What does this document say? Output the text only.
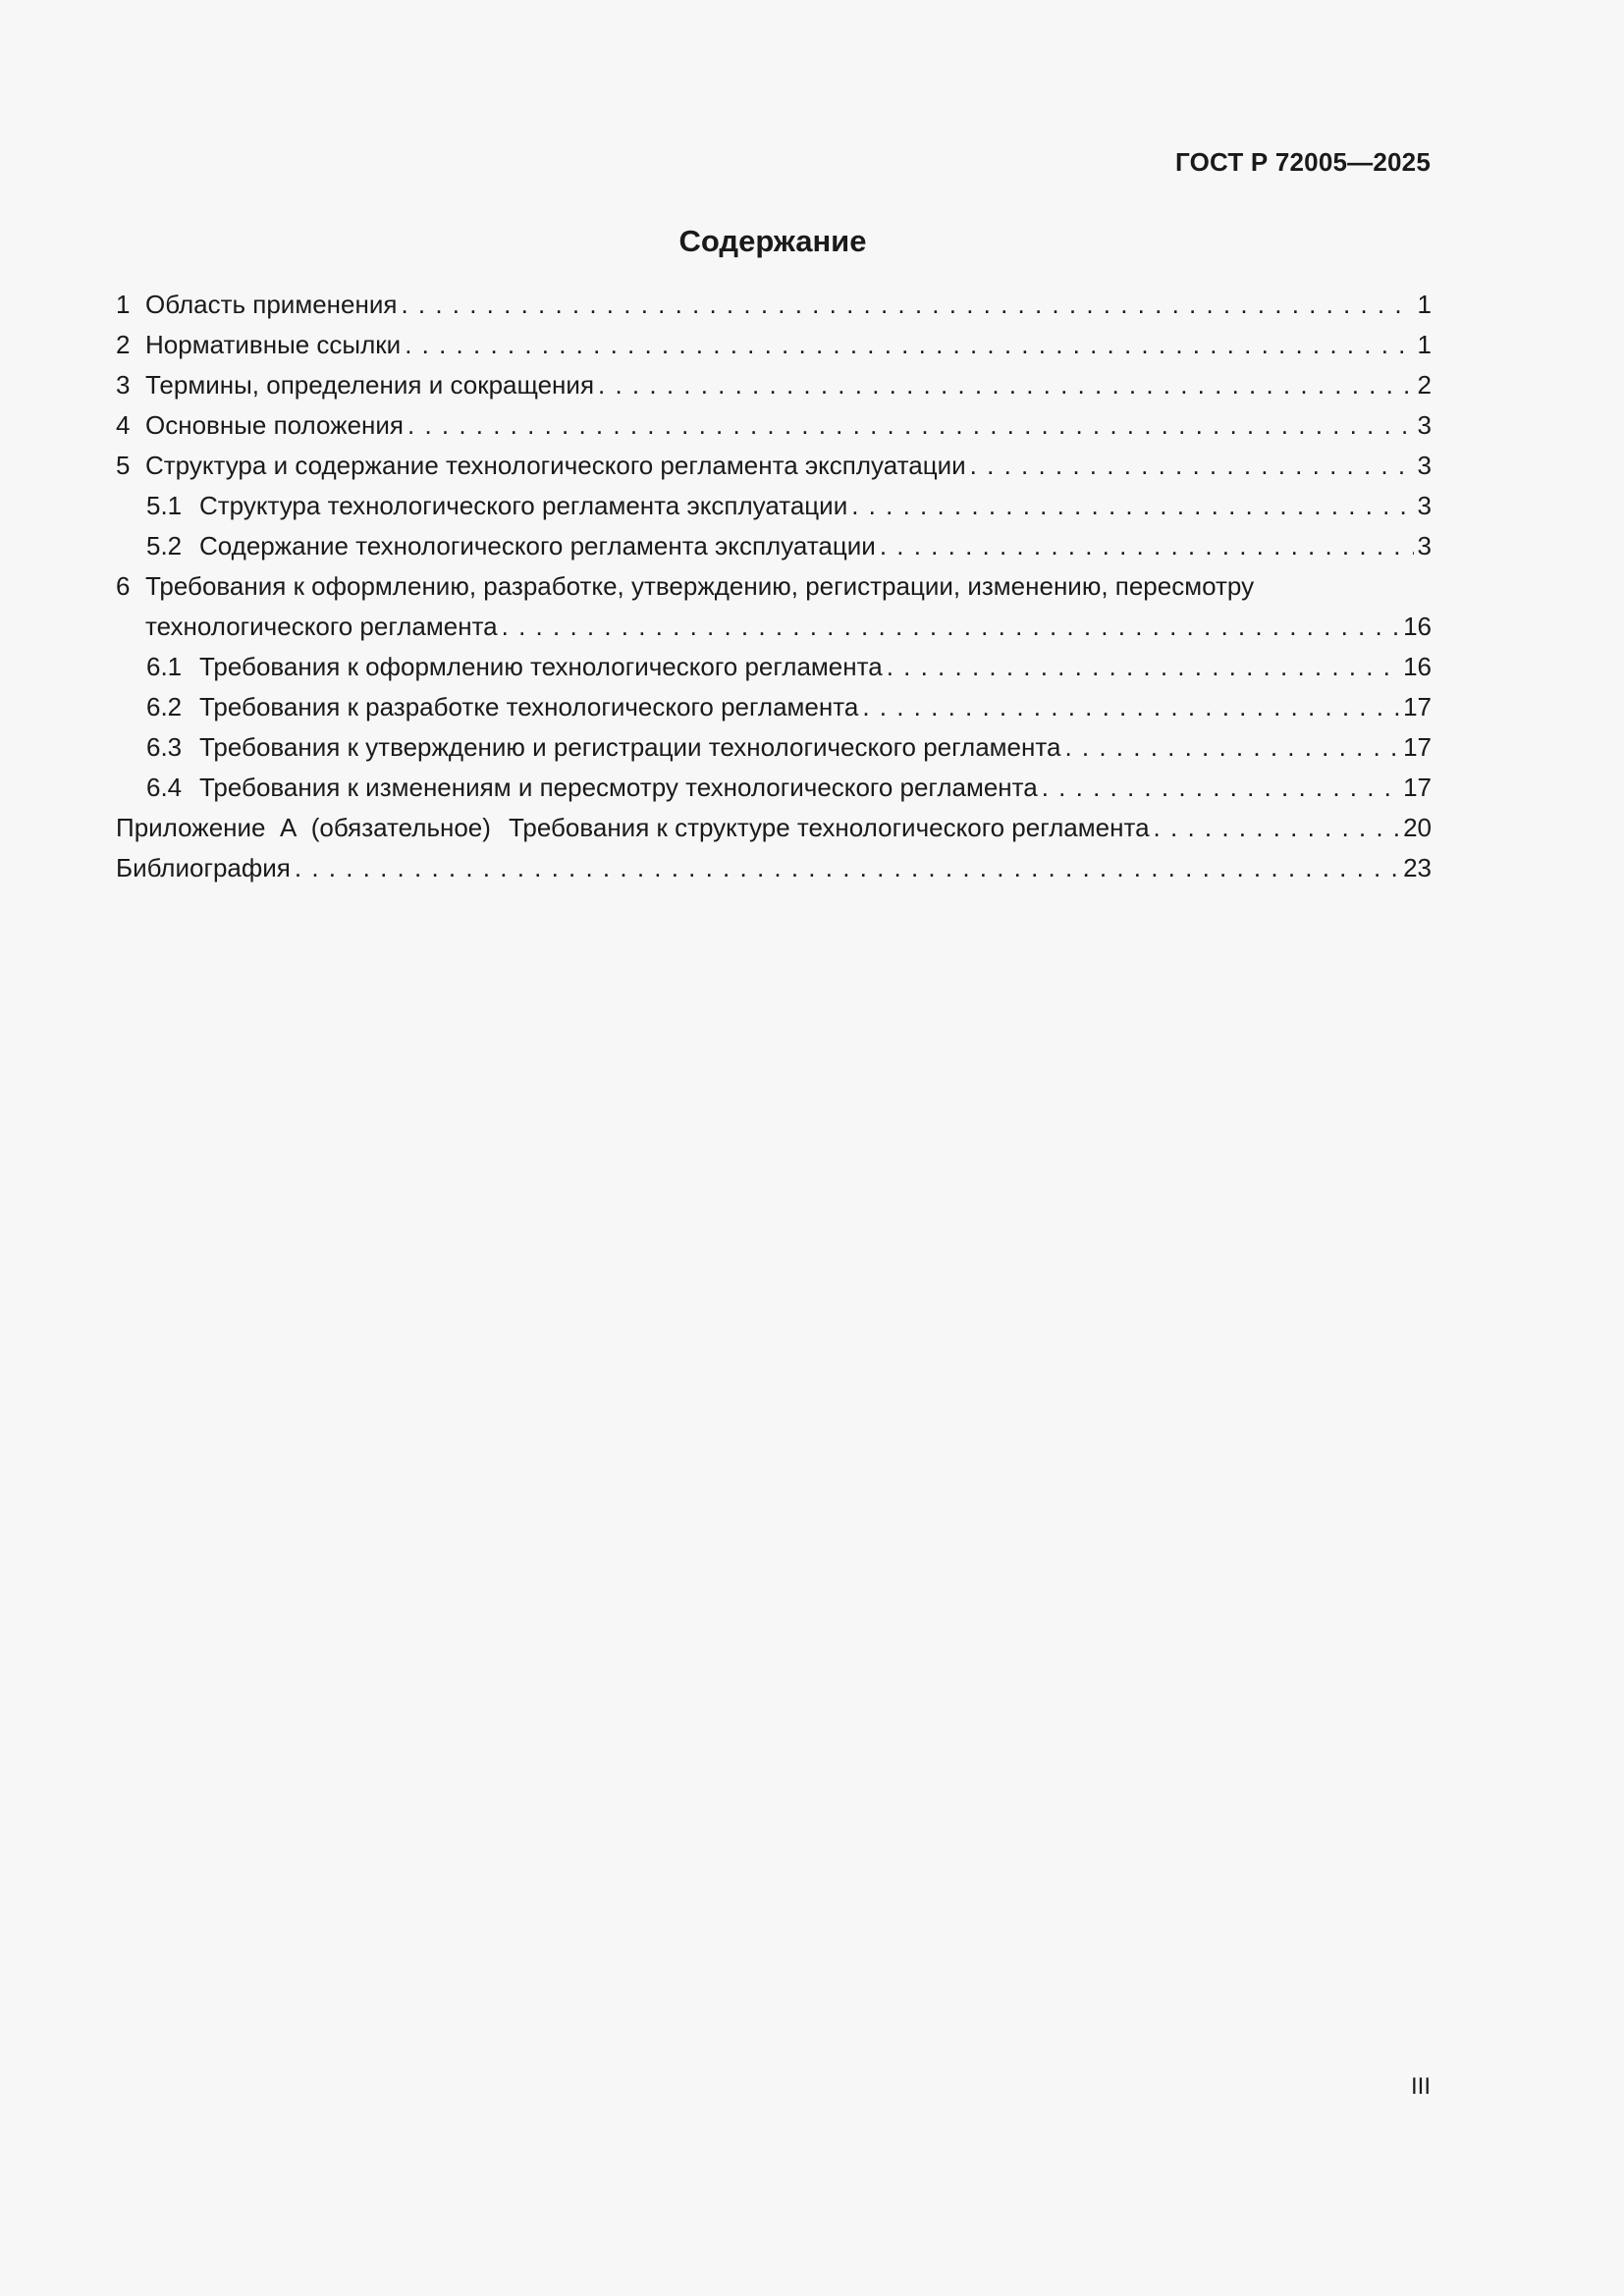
ГОСТ Р 72005—2025
Содержание
1 Область применения . . .	1
2 Нормативные ссылки . . .	1
3 Термины, определения и сокращения . . .	2
4 Основные положения . . .	3
5 Структура и содержание технологического регламента эксплуатации . . .	3
5.1 Структура технологического регламента эксплуатации . . .	3
5.2 Содержание технологического регламента эксплуатации . . .	3
6 Требования к оформлению, разработке, утверждению, регистрации, изменению, пересмотру
технологического регламента . . .	16
6.1 Требования к оформлению технологического регламента . . .	16
6.2 Требования к разработке технологического регламента . . .	17
6.3 Требования к утверждению и регистрации технологического регламента . . .	17
6.4 Требования к изменениям и пересмотру технологического регламента . . .	17
Приложение  А  (обязательное) Требования к структуре технологического регламента . . .	20
Библиография . . .	23
III
